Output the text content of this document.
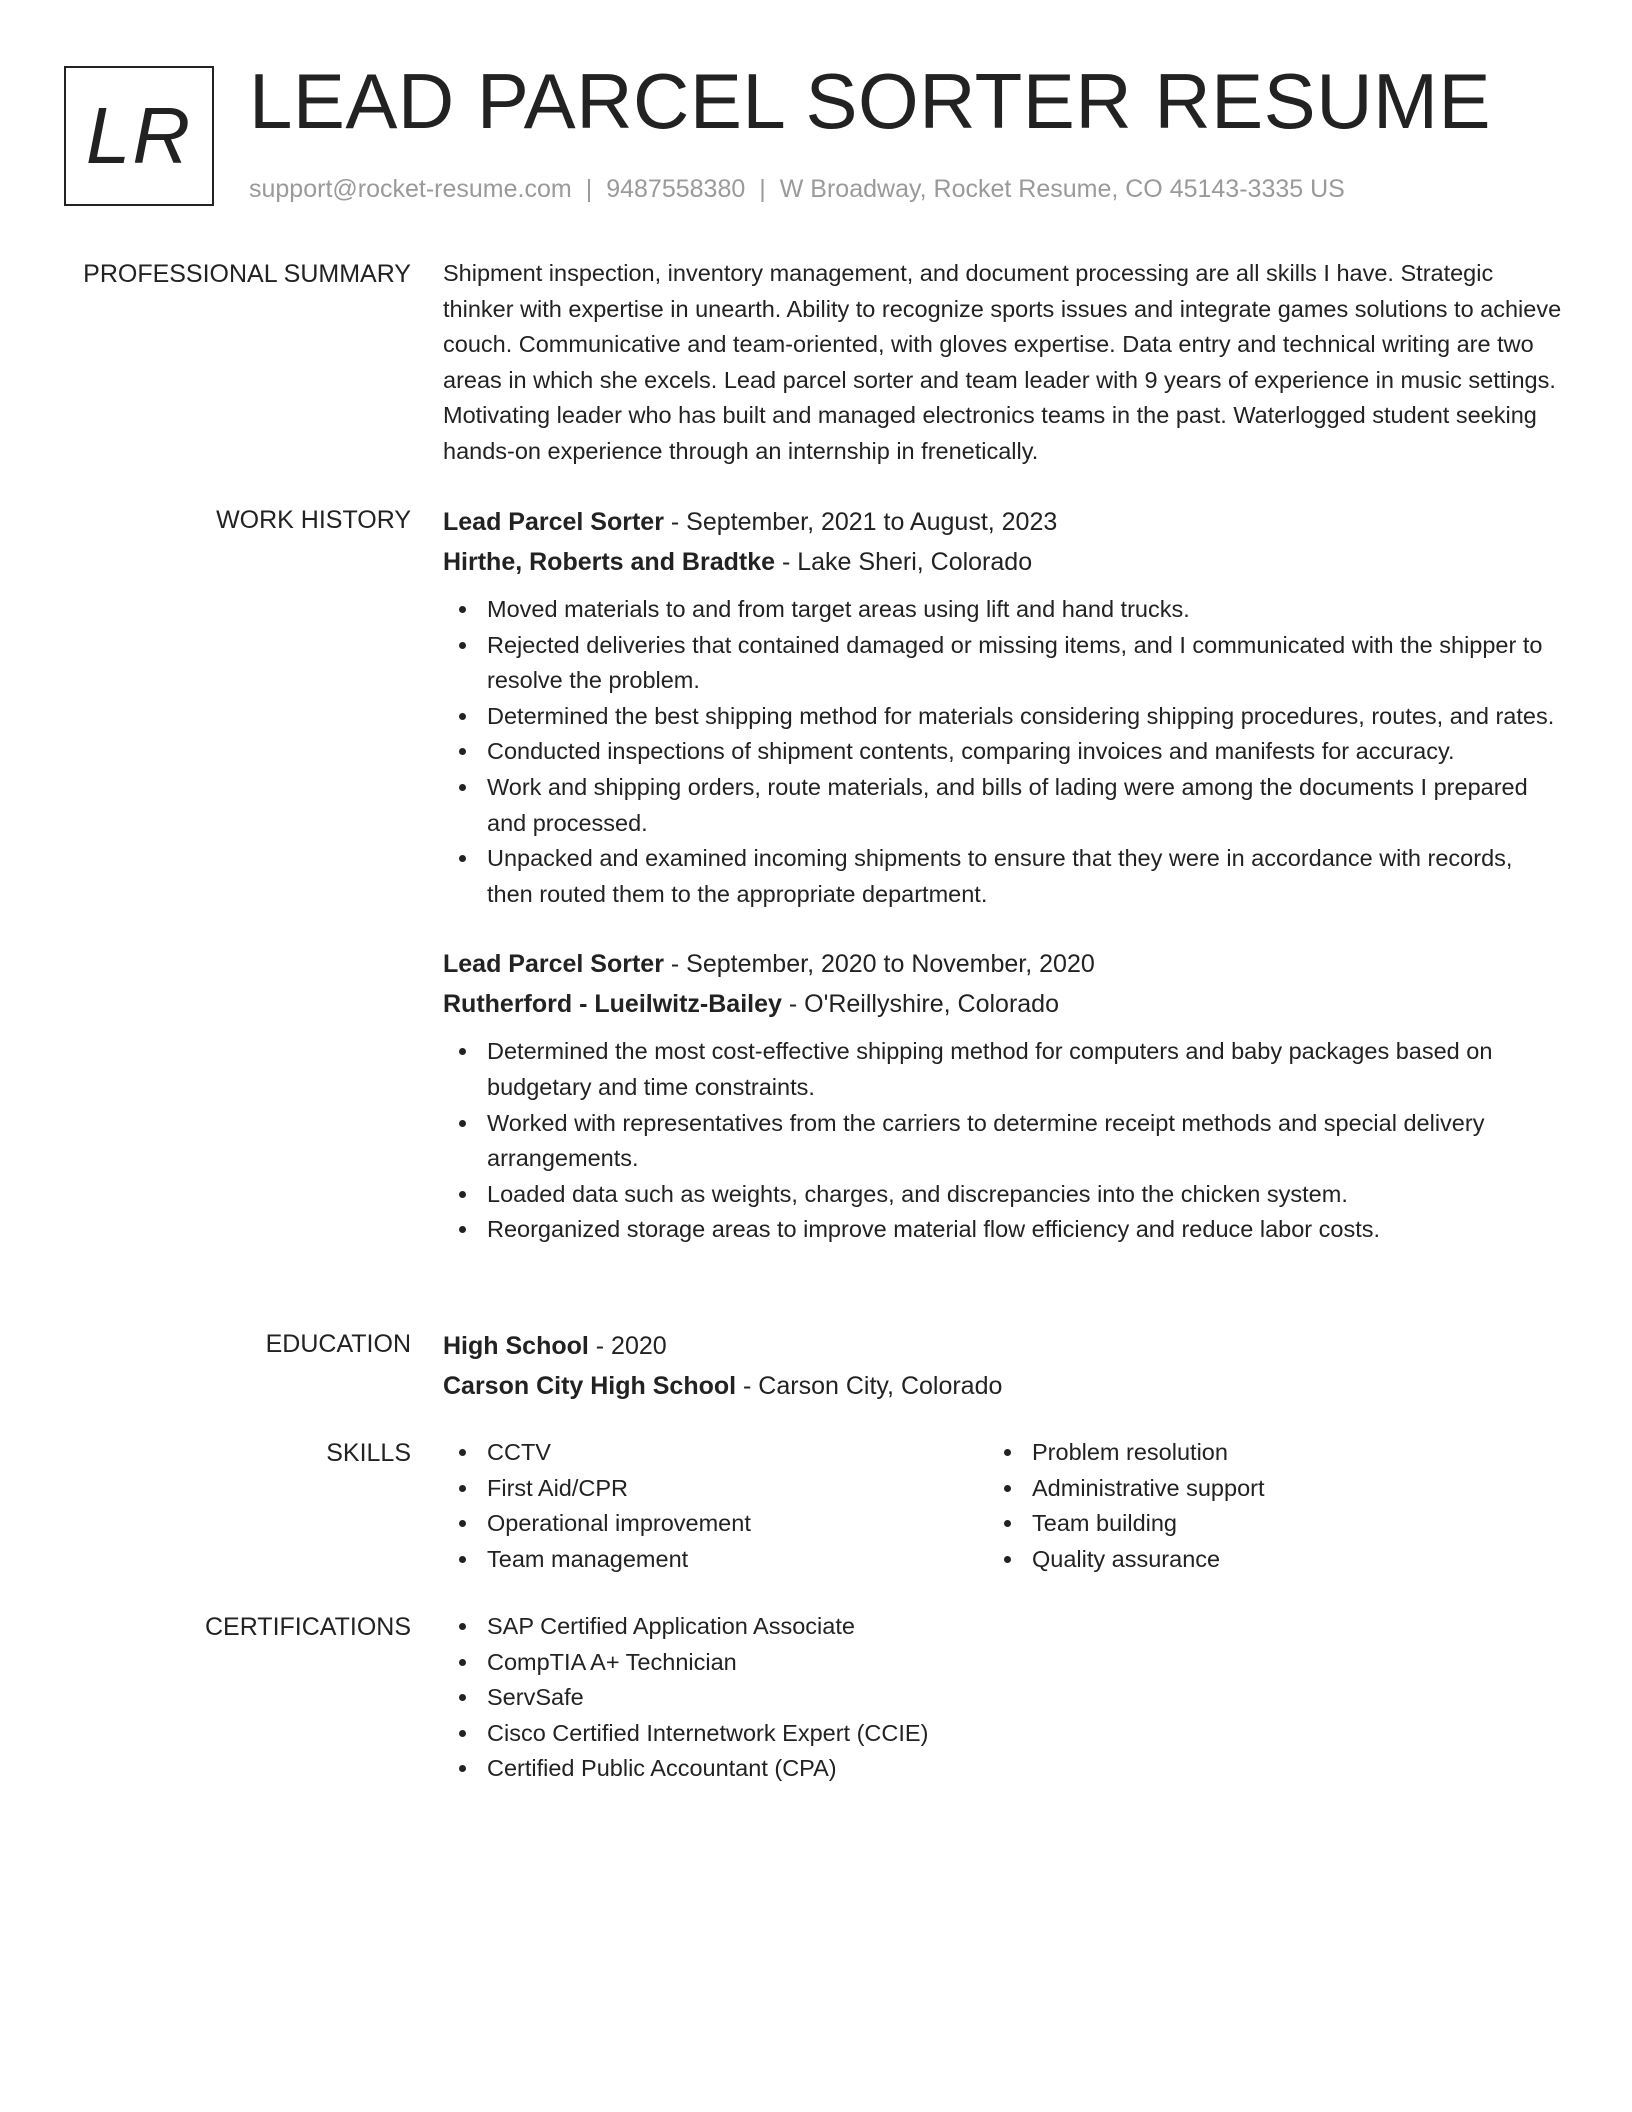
LR LEAD PARCEL SORTER RESUME
support@rocket-resume.com | 9487558380 | W Broadway, Rocket Resume, CO 45143-3335 US
PROFESSIONAL SUMMARY Shipment inspection, inventory management, and document processing are all skills I have. Strategic thinker with expertise in unearth. Ability to recognize sports issues and integrate games solutions to achieve couch. Communicative and team-oriented, with gloves expertise. Data entry and technical writing are two areas in which she excels. Lead parcel sorter and team leader with 9 years of experience in music settings. Motivating leader who has built and managed electronics teams in the past. Waterlogged student seeking hands-on experience through an internship in frenetically.

WORK HISTORY Lead Parcel Sorter - September, 2021 to August, 2023
Hirthe, Roberts and Bradtke - Lake Sheri, Colorado
Moved materials to and from target areas using lift and hand trucks.
Rejected deliveries that contained damaged or missing items, and I communicated with the shipper to resolve the problem.
Determined the best shipping method for materials considering shipping procedures, routes, and rates.
Conducted inspections of shipment contents, comparing invoices and manifests for accuracy.
Work and shipping orders, route materials, and bills of lading were among the documents I prepared and processed.
Unpacked and examined incoming shipments to ensure that they were in accordance with records, then routed them to the appropriate department.
Lead Parcel Sorter - September, 2020 to November, 2020
Rutherford - Lueilwitz-Bailey - O'Reillyshire, Colorado
Determined the most cost-effective shipping method for computers and baby packages based on budgetary and time constraints.
Worked with representatives from the carriers to determine receipt methods and special delivery arrangements.
Loaded data such as weights, charges, and discrepancies into the chicken system.
Reorganized storage areas to improve material flow efficiency and reduce labor costs.
EDUCATION High School - 2020
Carson City High School - Carson City, Colorado
SKILLS	CCTV
First Aid/CPR
Operational improvement
Team management
Problem resolution
Administrative support
Team building
Quality assurance
CERTIFICATIONS	SAP Certified Application Associate
CompTIA A+ Technician
ServSafe
Cisco Certified Internetwork Expert (CCIE)
Certified Public Accountant (CPA)
